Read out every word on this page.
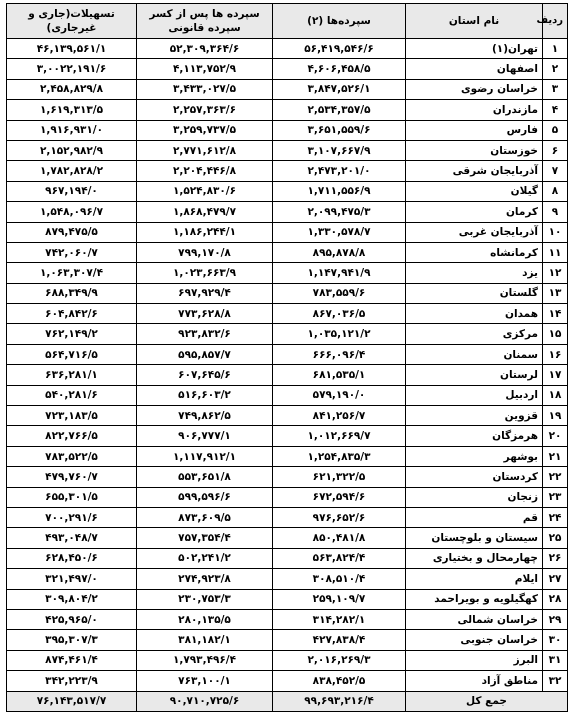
ردیف	نام استان	سپرده‌ها (۲)	سپرده ها پس از کسر سپرده قانونی	تسهیلات(جاری و غیرجاری)
۱	تهران(۱)	۵۶,۴۱۹,۵۴۶/۶	۵۲,۳۰۹,۳۶۴/۶	۴۶,۱۳۹,۵۶۱/۱
۲	اصفهان	۴,۶۰۶,۴۵۸/۵	۴,۱۱۳,۷۵۲/۹	۳,۰۰۲۲,۱۹۱/۶
۳	خراسان رضوی	۳,۸۴۷,۵۲۶/۱	۳,۴۳۳,۰۲۷/۵	۲,۴۵۸,۸۲۹/۸
۴	مازندران	۲,۵۳۴,۳۵۷/۵	۲,۲۵۷,۳۶۳/۶	۱,۶۱۹,۳۱۳/۵
۵	فارس	۳,۶۵۱,۵۵۹/۶	۳,۲۵۹,۷۳۷/۵	۱,۹۱۶,۹۳۱/۰
۶	خوزستان	۳,۱۰۷,۶۶۷/۹	۲,۷۷۱,۶۱۲/۸	۲,۱۵۲,۹۸۲/۹
۷	آذربایجان شرقی	۲,۴۷۳,۲۰۱/۰	۲,۲۰۴,۴۴۶/۸	۱,۷۸۲,۸۲۸/۲
۸	گیلان	۱,۷۱۱,۵۵۶/۹	۱,۵۲۴,۸۳۰/۶	۹۶۷,۱۹۴/۰
۹	کرمان	۲,۰۹۹,۴۷۵/۳	۱,۸۶۸,۴۷۹/۷	۱,۵۴۸,۰۹۶/۷
۱۰	آذربایجان غربی	۱,۳۳۰,۵۷۸/۷	۱,۱۸۶,۲۴۴/۱	۸۷۹,۴۷۵/۵
۱۱	کرمانشاه	۸۹۵,۸۷۸/۸	۷۹۹,۱۷۰/۸	۷۴۲,۰۶۰/۷
۱۲	یزد	۱,۱۴۷,۹۴۱/۹	۱,۰۲۳,۶۶۳/۹	۱,۰۶۳,۳۰۷/۴
۱۳	گلستان	۷۸۳,۵۵۹/۶	۶۹۷,۹۲۹/۴	۶۸۸,۳۴۹/۹
۱۴	همدان	۸۶۷,۰۳۶/۵	۷۷۳,۶۲۸/۸	۶۰۴,۸۴۲/۶
۱۵	مرکزی	۱,۰۳۵,۱۲۱/۲	۹۲۳,۸۳۲/۶	۷۶۲,۱۴۹/۲
۱۶	سمنان	۶۶۶,۰۹۶/۴	۵۹۵,۸۵۷/۷	۵۶۴,۷۱۶/۵
۱۷	لرستان	۶۸۱,۵۳۵/۱	۶۰۷,۶۴۵/۶	۶۳۶,۲۸۱/۱
۱۸	اردبیل	۵۷۹,۱۹۰/۰	۵۱۶,۶۰۳/۲	۵۴۰,۲۸۱/۶
۱۹	قزوین	۸۴۱,۲۵۶/۷	۷۴۹,۸۶۲/۵	۷۲۳,۱۸۳/۵
۲۰	هرمزگان	۱,۰۱۲,۶۶۹/۷	۹۰۶,۷۷۷/۱	۸۲۲,۷۶۶/۵
۲۱	بوشهر	۱,۲۵۴,۸۳۵/۳	۱,۱۱۷,۹۱۲/۱	۷۸۳,۵۲۲/۵
۲۲	کردستان	۶۲۱,۳۲۲/۵	۵۵۳,۶۵۱/۸	۴۷۹,۷۶۰/۷
۲۳	زنجان	۶۷۲,۵۹۴/۶	۵۹۹,۵۹۶/۶	۶۵۵,۳۰۱/۵
۲۴	قم	۹۷۶,۶۵۲/۶	۸۷۳,۶۰۹/۵	۷۰۰,۲۹۱/۶
۲۵	سیستان و بلوچستان	۸۵۰,۴۸۱/۸	۷۵۷,۳۵۴/۴	۴۹۳,۰۴۸/۷
۲۶	چهارمحال و بختیاری	۵۶۳,۸۲۴/۴	۵۰۲,۲۴۱/۲	۶۲۸,۴۵۰/۶
۲۷	ایلام	۳۰۸,۵۱۰/۴	۲۷۴,۹۲۳/۸	۳۲۱,۴۹۷/۰
۲۸	کهگیلویه و بویراحمد	۲۵۹,۱۰۹/۷	۲۳۰,۷۵۳/۳	۳۰۹,۸۰۴/۲
۲۹	خراسان شمالی	۳۱۴,۲۸۲/۱	۲۸۰,۱۳۵/۵	۴۲۵,۹۶۵/۰
۳۰	خراسان جنوبی	۴۲۷,۸۳۸/۴	۳۸۱,۱۸۲/۱	۳۹۵,۳۰۷/۳
۳۱	البرز	۲,۰۱۶,۲۶۹/۳	۱,۷۹۳,۴۹۶/۴	۸۷۴,۴۶۱/۴
۳۲	مناطق آزاد	۸۳۸,۴۵۲/۵	۷۶۳,۱۰۰/۱	۳۴۲,۲۲۳/۹
جمع کل		۹۹,۶۹۳,۲۱۶/۴	۹۰,۷۱۰,۷۲۵/۶	۷۶,۱۴۳,۵۱۷/۷
